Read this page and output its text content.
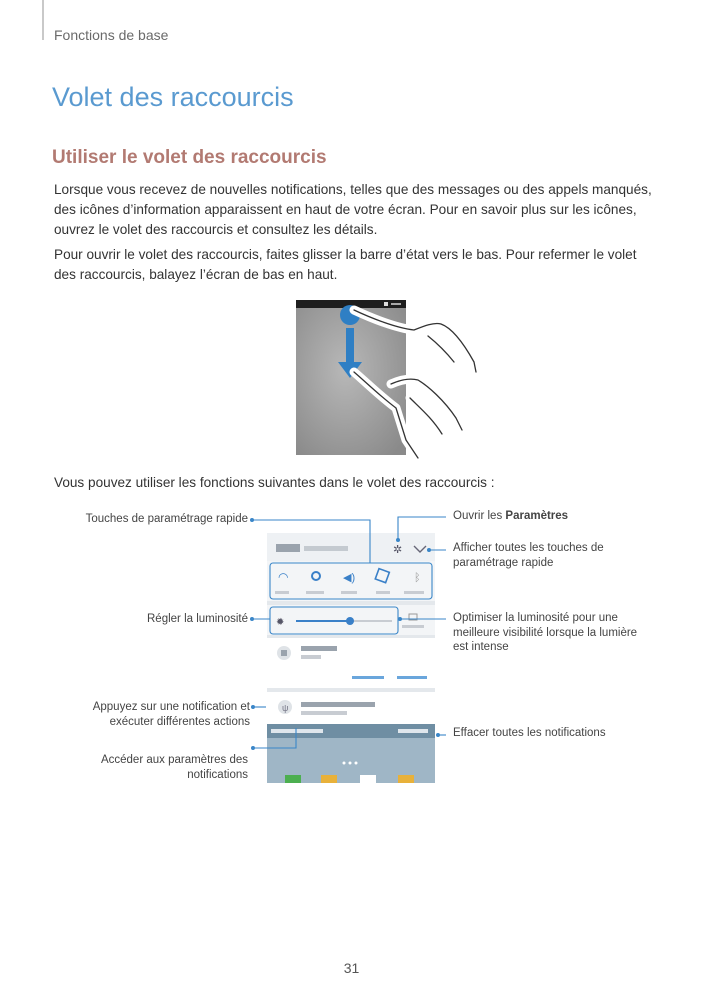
Fonctions de base
Volet des raccourcis
Utiliser le volet des raccourcis
Lorsque vous recevez de nouvelles notifications, telles que des messages ou des appels manqués, des icônes d’information apparaissent en haut de votre écran. Pour en savoir plus sur les icônes, ouvrez le volet des raccourcis et consultez les détails.
Pour ouvrir le volet des raccourcis, faites glisser la barre d’état vers le bas. Pour refermer le volet des raccourcis, balayez l’écran de bas en haut.
Vous pouvez utiliser les fonctions suivantes dans le volet des raccourcis :
✲
◠	◀)	ᛒ
✹
ψ
Touches de paramétrage rapide
Régler la luminosité
Appuyez sur une notification et exécuter différentes actions
Accéder aux paramètres des notifications
Ouvrir les Paramètres
Afficher toutes les touches de paramétrage rapide
Optimiser la luminosité pour une meilleure visibilité lorsque la lumière est intense
Effacer toutes les notifications
31
